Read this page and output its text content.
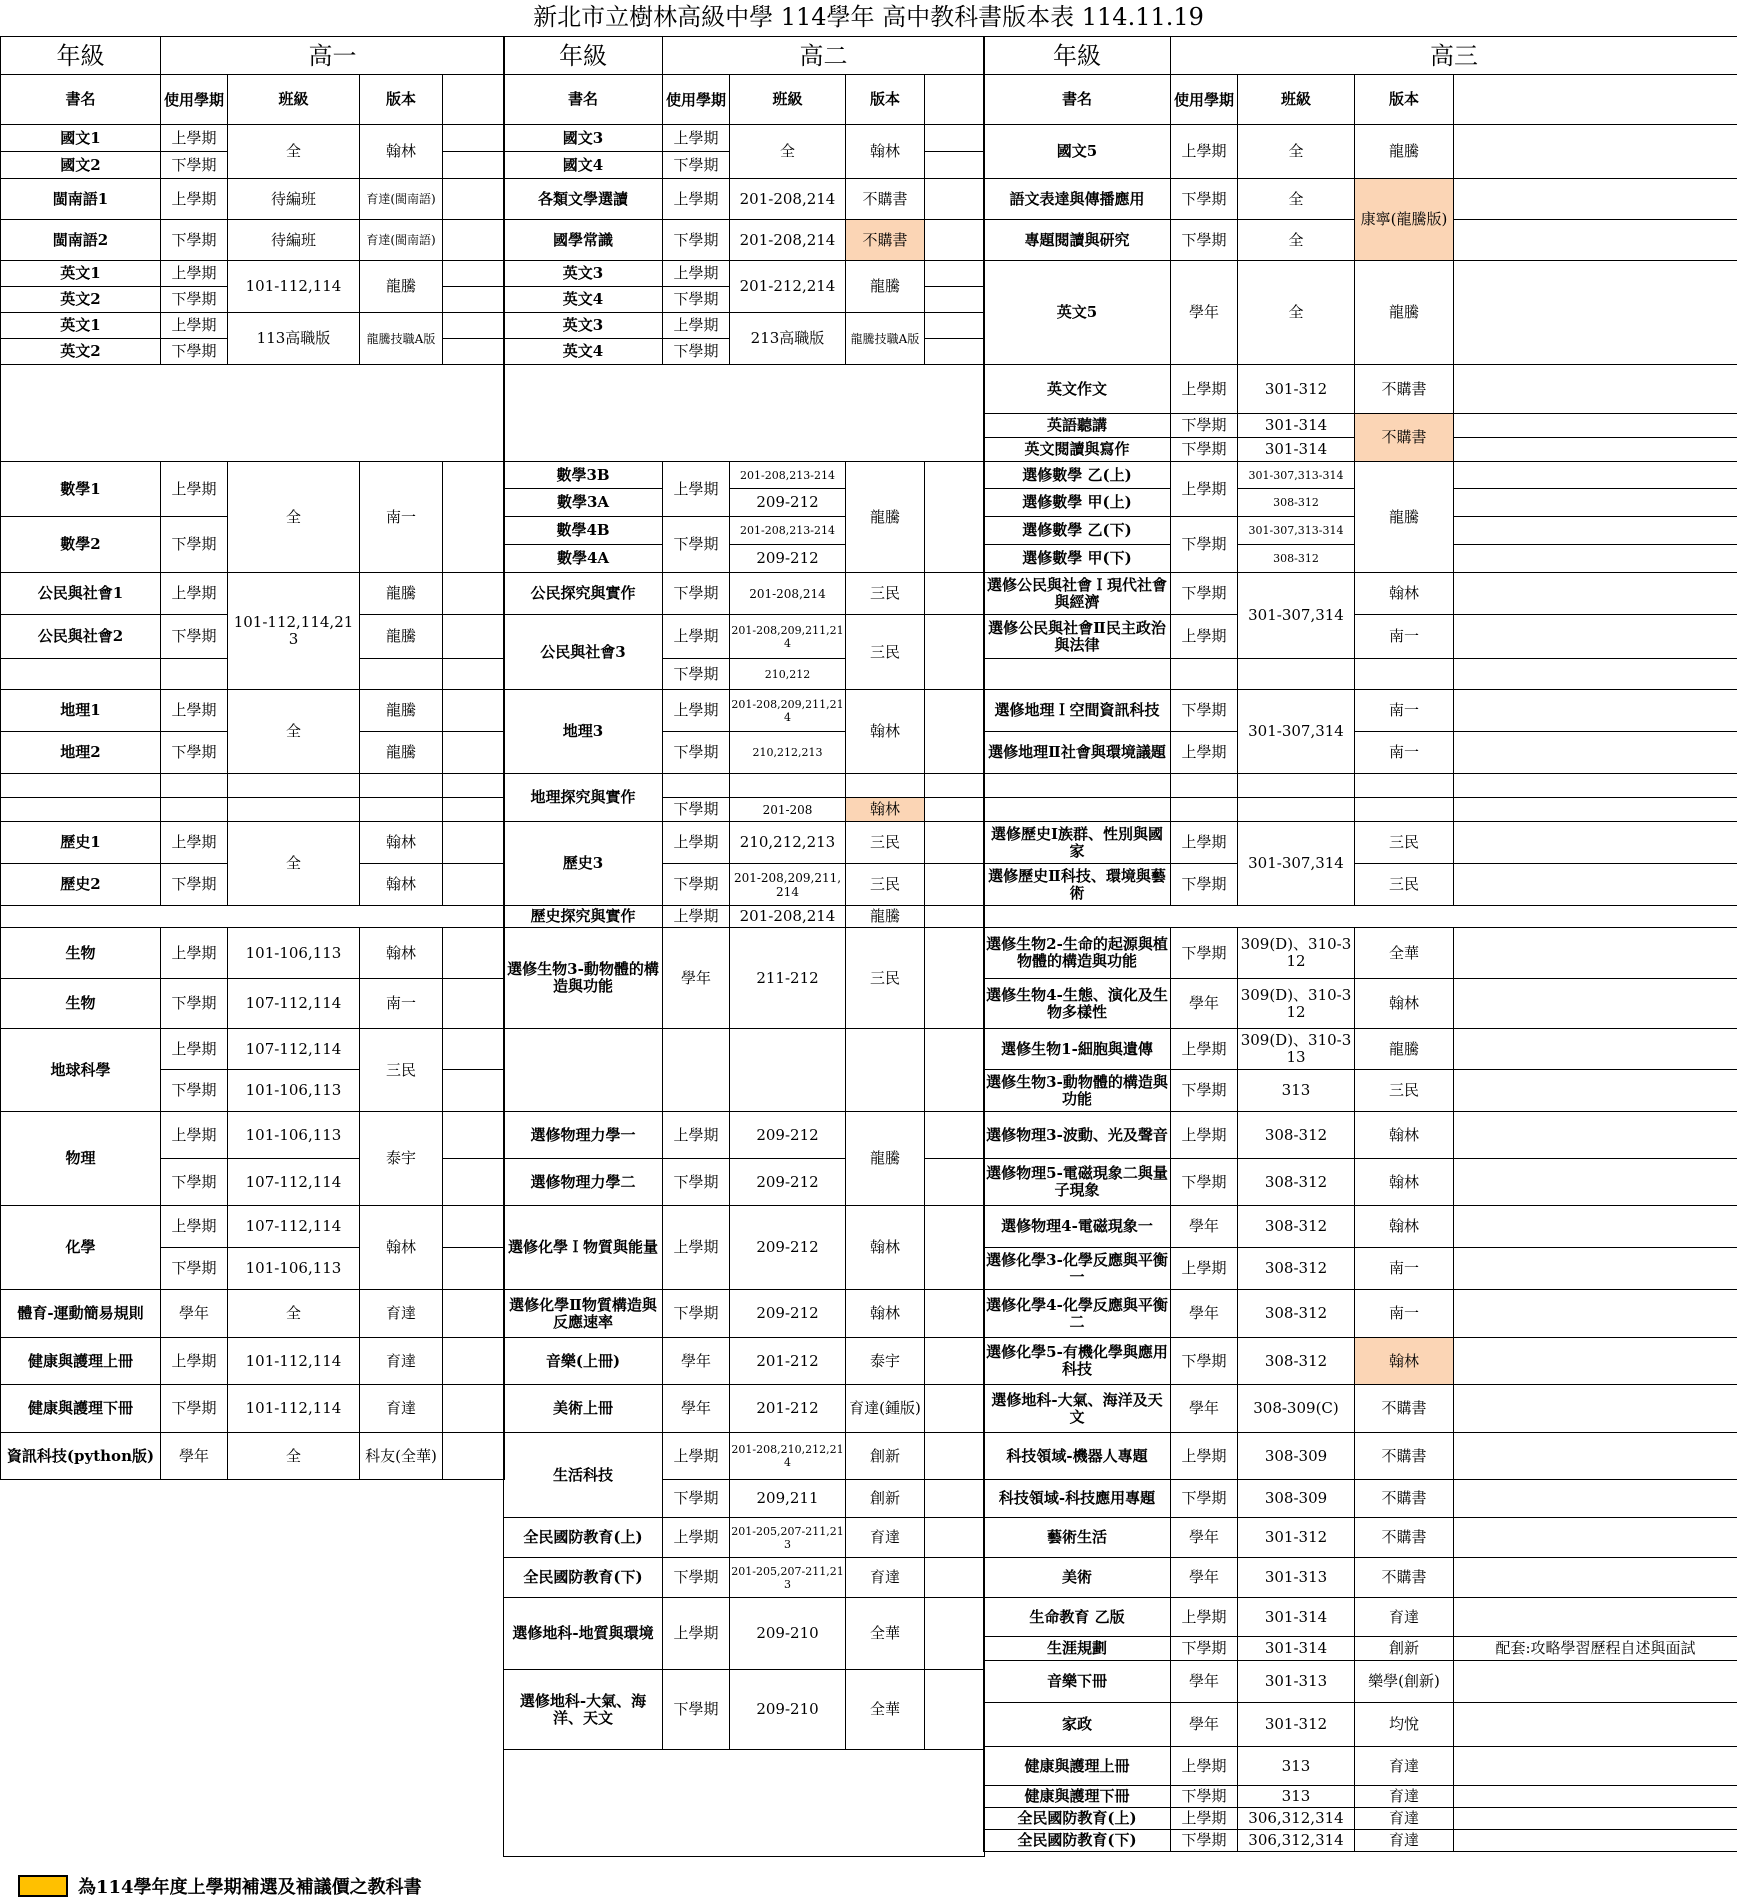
新北市立樹林高級中學 114學年 高中教科書版本表 114.11.19
年級	高一			
書名	使用學期	班級	版本	
國文1	上學期	全	翰林	
國文2	下學期			
閩南語1	上學期	待編班	育達(閩南語)	
閩南語2	下學期	待編班	育達(閩南語)	
英文1	上學期	101-112,114	龍騰	
英文2	下學期			
英文1	上學期	113高職版	龍騰技職A版	
英文2	下學期			

數學1	上學期	全	南一	
數學2	下學期			
公民與社會1	上學期	101-112,114,213	龍騰	
公民與社會2	下學期		龍騰	

地理1	上學期	全	龍騰	
地理2	下學期		龍騰	

歷史1	上學期	全	翰林	
歷史2	下學期		翰林	

生物	上學期	101-106,113	翰林	
生物	下學期	107-112,114	南一	
地球科學	上學期	107-112,114	三民	
	下學期	101-106,113		
物理	上學期	101-106,113	泰宇	
	下學期	107-112,114		
化學	上學期	107-112,114	翰林	
	下學期	101-106,113		
體育-運動簡易規則	學年	全	育達	
健康與護理上冊	上學期	101-112,114	育達	
健康與護理下冊	下學期	101-112,114	育達	
資訊科技(python版)	學年	全	科友(全華)	
年級	高二			
書名	使用學期	班級	版本	
國文3	上學期	全	翰林	
國文4	下學期			
各類文學選讀	上學期	201-208,214	不購書	
國學常識	下學期	201-208,214	不購書	
英文3	上學期	201-212,214	龍騰	
英文4	下學期			
英文3	上學期	213高職版	龍騰技職A版	
英文4	下學期			

數學3B	上學期	201-208,213-214	龍騰	
數學3A		209-212		
數學4B	下學期	201-208,213-214		
數學4A		209-212		
公民探究與實作	下學期	201-208,214	三民	
公民與社會3	上學期	201-208,209,211,214	三民	
	下學期	210,212		
地理3	上學期	201-208,209,211,214	翰林	
	下學期	210,212,213		
地理探究與實作				
	下學期	201-208	翰林	
歷史3	上學期	210,212,213	三民	
	下學期	201-208,209,211,214	三民	
歷史探究與實作	上學期	201-208,214	龍騰	
選修生物3-動物體的構造與功能	學年	211-212	三民	

選修物理力學一	上學期	209-212	龍騰	
選修物理力學二	下學期	209-212		
選修化學Ｉ物質與能量	上學期	209-212	翰林	
選修化學Ⅱ物質構造與反應速率	下學期	209-212	翰林	
音樂(上冊)	學年	201-212	泰宇	
美術上冊	學年	201-212	育達(鍾版)	
生活科技	上學期	201-208,210,212,214	創新	
	下學期	209,211	創新	
全民國防教育(上)	上學期	201-205,207-211,213	育達	
全民國防教育(下)	下學期	201-205,207-211,213	育達	
選修地科-地質與環境	上學期	209-210	全華	
選修地科-大氣、海洋、天文	下學期	209-210	全華	

年級	高三			
書名	使用學期	班級	版本	
國文5	上學期	全	龍騰	
語文表達與傳播應用	下學期	全	康寧(龍騰版)	
專題閱讀與研究	下學期	全		
英文5	學年	全	龍騰	
英文作文	上學期	301-312	不購書	
英語聽講	下學期	301-314	不購書	
英文閱讀與寫作	下學期	301-314		
選修數學 乙(上)	上學期	301-307,313-314	龍騰	
選修數學 甲(上)		308-312		
選修數學 乙(下)	下學期	301-307,313-314		
選修數學 甲(下)		308-312		
選修公民與社會Ｉ現代社會與經濟	下學期	301-307,314	翰林	
選修公民與社會Ⅱ民主政治與法律	上學期		南一	

選修地理Ｉ空間資訊科技	下學期	301-307,314	南一	
選修地理Ⅱ社會與環境議題	上學期		南一	

選修歷史Ⅰ族群、性別與國家	上學期	301-307,314	三民	
選修歷史Ⅱ科技、環境與藝術	下學期		三民	

選修生物2-生命的起源與植物體的構造與功能	下學期	309(D)、310-312	全華	
選修生物4-生態、演化及生物多樣性	學年	309(D)、310-312	翰林	
選修生物1-細胞與遺傳	上學期	309(D)、310-313	龍騰	
選修生物3-動物體的構造與功能	下學期	313	三民	
選修物理3-波動、光及聲音	上學期	308-312	翰林	
選修物理5-電磁現象二與量子現象	下學期	308-312	翰林	
選修物理4-電磁現象一	學年	308-312	翰林	
選修化學3-化學反應與平衡一	上學期	308-312	南一	
選修化學4-化學反應與平衡二	學年	308-312	南一	
選修化學5-有機化學與應用科技	下學期	308-312	翰林	
選修地科-大氣、海洋及天文	學年	308-309(C)	不購書	
科技領域-機器人專題	上學期	308-309	不購書	
科技領域-科技應用專題	下學期	308-309	不購書	
藝術生活	學年	301-312	不購書	
美術	學年	301-313	不購書	
生命教育 乙版	上學期	301-314	育達	
生涯規劃	下學期	301-314	創新	配套:攻略學習歷程自述與面試
音樂下冊	學年	301-313	樂學(創新)	
家政	學年	301-312	均悅	
健康與護理上冊	上學期	313	育達	
健康與護理下冊	下學期	313	育達	
全民國防教育(上)	上學期	306,312,314	育達	
全民國防教育(下)	下學期	306,312,314	育達	
為114學年度上學期補選及補議價之教科書
